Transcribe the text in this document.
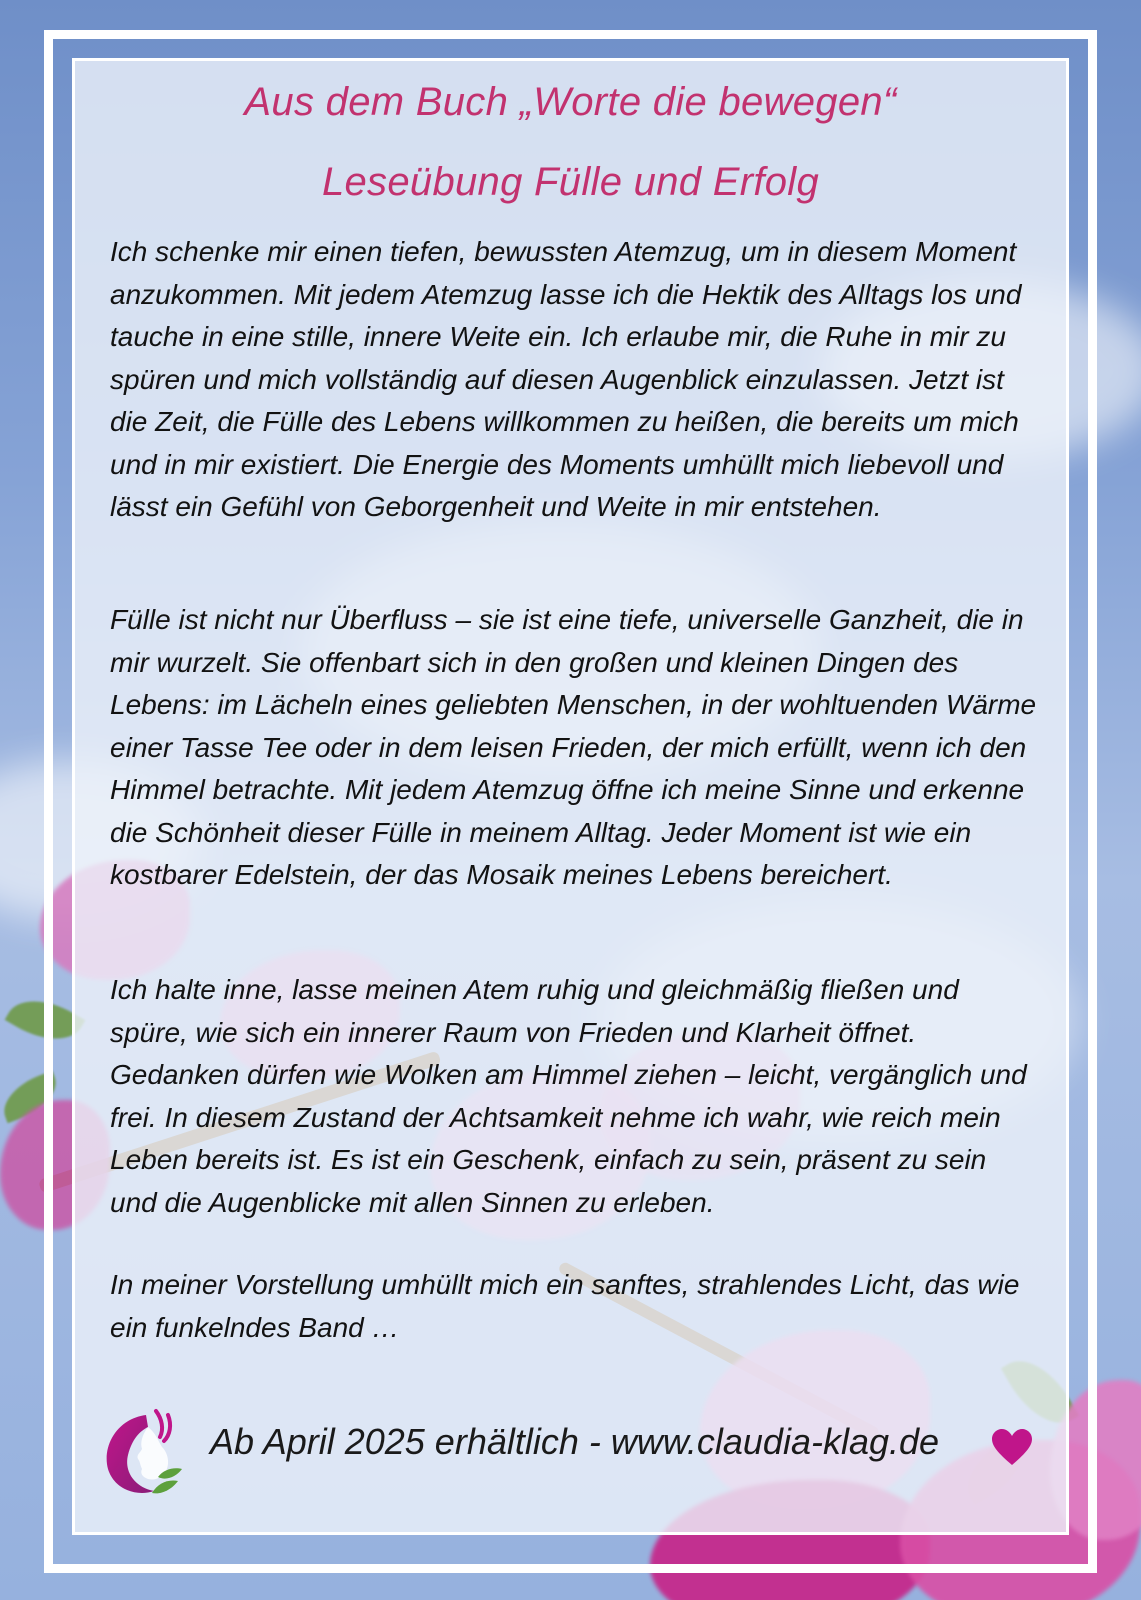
Aus dem Buch „Worte die bewegen“
Leseübung Fülle und Erfolg

Ich schenke mir einen tiefen, bewussten Atemzug, um in diesem Moment anzukommen. Mit jedem Atemzug lasse ich die Hektik des Alltags los und tauche in eine stille, innere Weite ein. Ich erlaube mir, die Ruhe in mir zu spüren und mich vollständig auf diesen Augenblick einzulassen. Jetzt ist die Zeit, die Fülle des Lebens willkommen zu heißen, die bereits um mich und in mir existiert. Die Energie des Moments umhüllt mich liebevoll und lässt ein Gefühl von Geborgenheit und Weite in mir entstehen.

Fülle ist nicht nur Überfluss – sie ist eine tiefe, universelle Ganzheit, die in mir wurzelt. Sie offenbart sich in den großen und kleinen Dingen des Lebens: im Lächeln eines geliebten Menschen, in der wohltuenden Wärme einer Tasse Tee oder in dem leisen Frieden, der mich erfüllt, wenn ich den Himmel betrachte. Mit jedem Atemzug öffne ich meine Sinne und erkenne die Schönheit dieser Fülle in meinem Alltag. Jeder Moment ist wie ein kostbarer Edelstein, der das Mosaik meines Lebens bereichert.

Ich halte inne, lasse meinen Atem ruhig und gleichmäßig fließen und spüre, wie sich ein innerer Raum von Frieden und Klarheit öffnet. Gedanken dürfen wie Wolken am Himmel ziehen – leicht, vergänglich und frei. In diesem Zustand der Achtsamkeit nehme ich wahr, wie reich mein Leben bereits ist. Es ist ein Geschenk, einfach zu sein, präsent zu sein und die Augenblicke mit allen Sinnen zu erleben.

In meiner Vorstellung umhüllt mich ein sanftes, strahlendes Licht, das wie ein funkelndes Band …

Ab April 2025 erhältlich - www.claudia-klag.de
